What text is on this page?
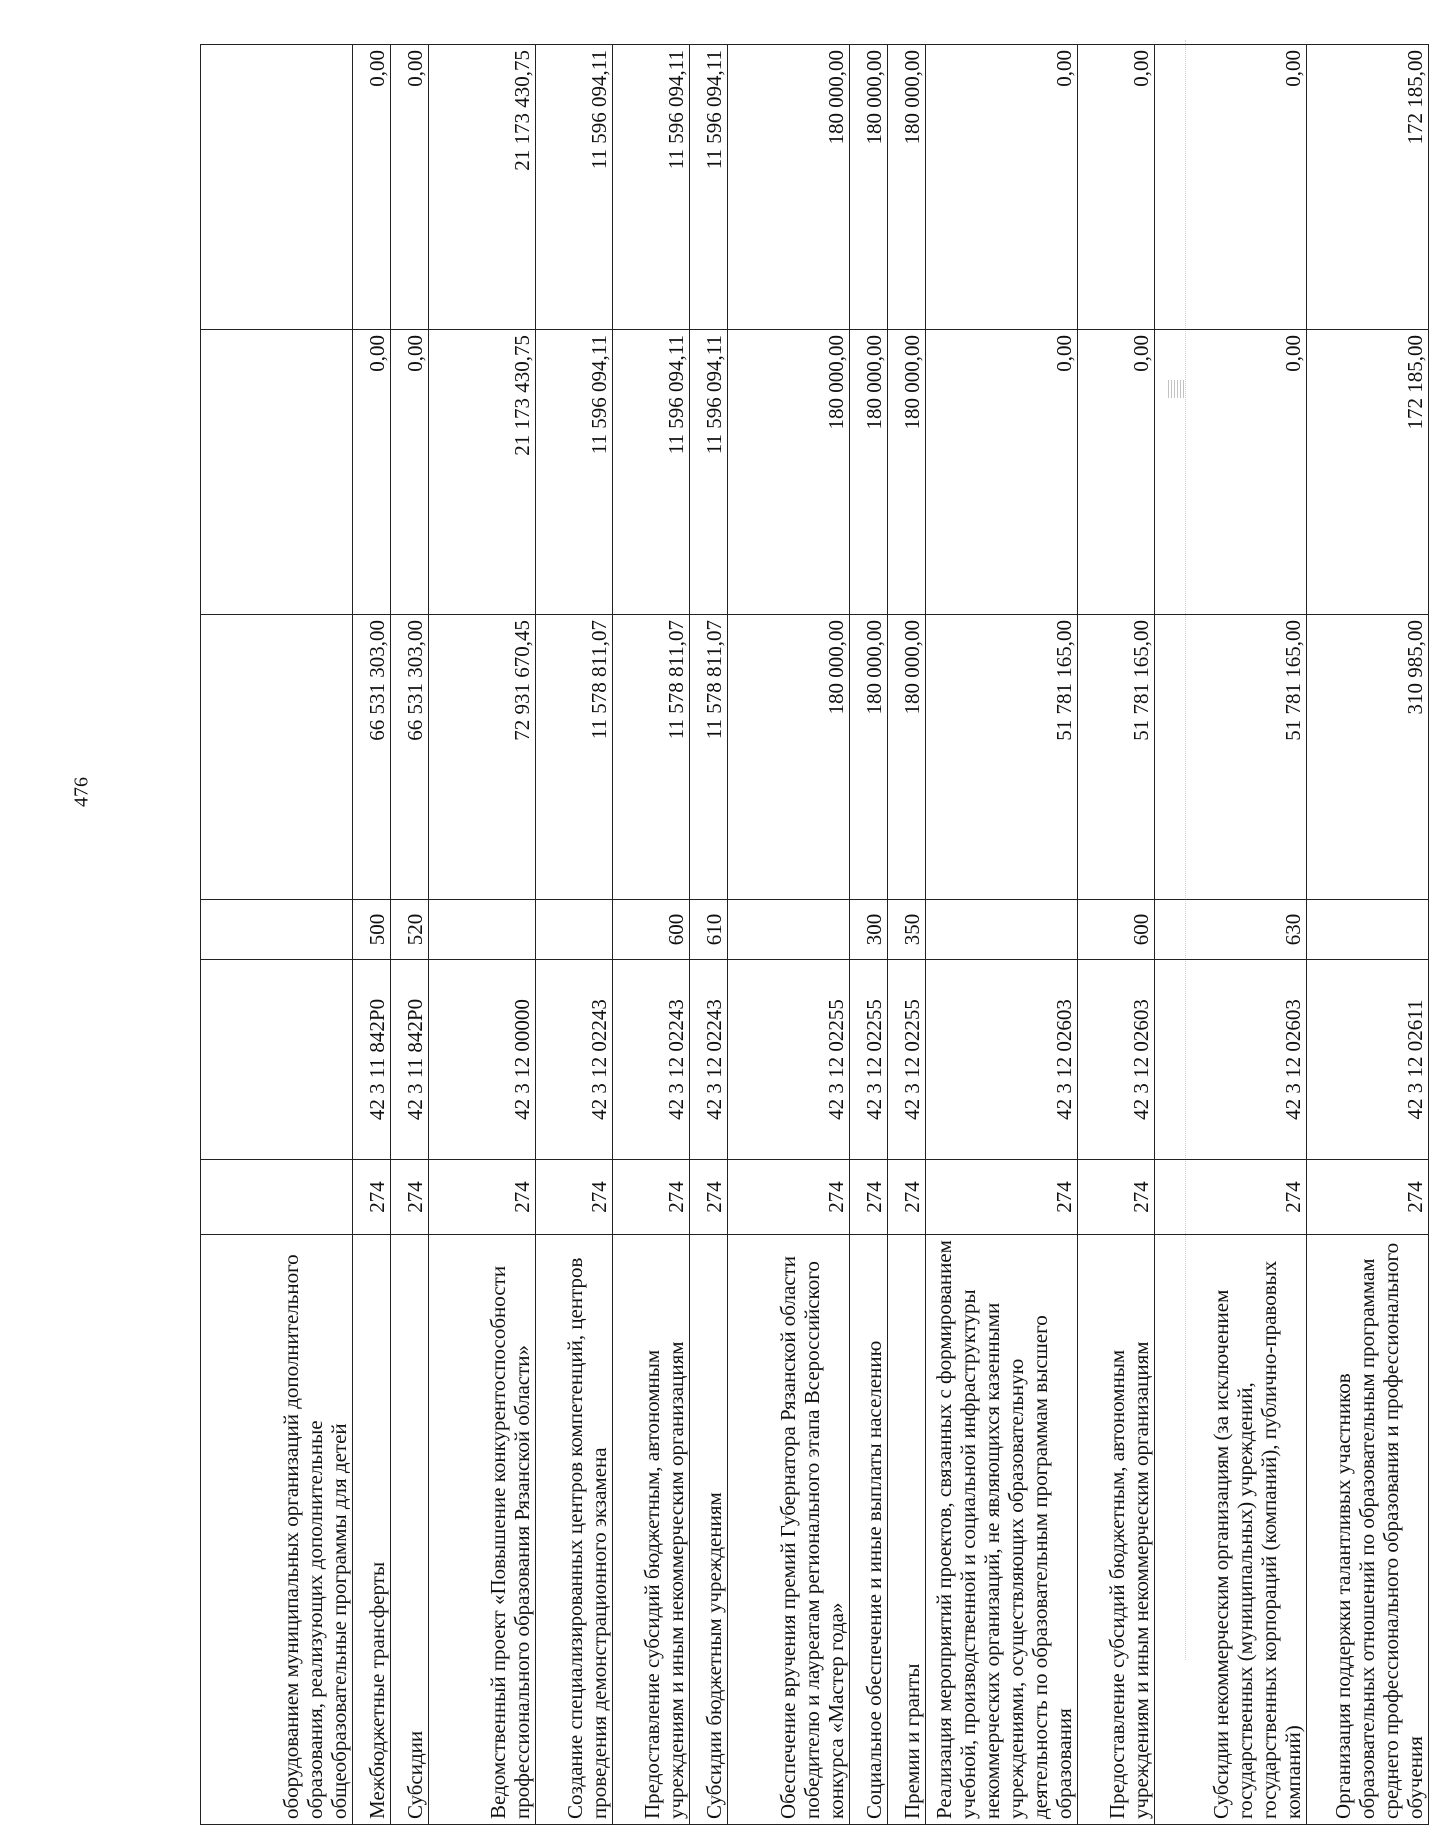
476
оборудованием муниципальных организаций дополнительного образования, реализующих дополнительные общеобразовательные программы для детей						
Межбюджетные трансферты	274	42 3 11 842P0	500	66 531 303,00	0,00	0,00
Субсидии	274	42 3 11 842P0	520	66 531 303,00	0,00	0,00
Ведомственный проект «Повышение конкурентоспособности профессионального образования Рязанской области»	274	42 3 12 00000		72 931 670,45	21 173 430,75	21 173 430,75
Создание специализированных центров компетенций, центров проведения демонстрационного экзамена	274	42 3 12 02243		11 578 811,07	11 596 094,11	11 596 094,11
Предоставление субсидий бюджетным, автономным учреждениям и иным некоммерческим организациям	274	42 3 12 02243	600	11 578 811,07	11 596 094,11	11 596 094,11
Субсидии бюджетным учреждениям	274	42 3 12 02243	610	11 578 811,07	11 596 094,11	11 596 094,11
Обеспечение вручения премий Губернатора Рязанской области победителю и лауреатам регионального этапа Всероссийского конкурса «Мастер года»	274	42 3 12 02255		180 000,00	180 000,00	180 000,00
Социальное обеспечение и иные выплаты населению	274	42 3 12 02255	300	180 000,00	180 000,00	180 000,00
Премии и гранты	274	42 3 12 02255	350	180 000,00	180 000,00	180 000,00
Реализация мероприятий проектов, связанных с формированием учебной, производственной и социальной инфраструктуры некоммерческих организаций, не являющихся казенными учреждениями, осуществляющих образовательную деятельность по образовательным программам высшего образования	274	42 3 12 02603		51 781 165,00	0,00	0,00
Предоставление субсидий бюджетным, автономным учреждениям и иным некоммерческим организациям	274	42 3 12 02603	600	51 781 165,00	0,00	0,00
Субсидии некоммерческим организациям (за исключением государственных (муниципальных) учреждений, государственных корпораций (компаний), публично-правовых компаний)	274	42 3 12 02603	630	51 781 165,00	0,00	0,00
Организация поддержки талантливых участников образовательных отношений по образовательным программам среднего профессионального образования и профессионального обучения	274	42 3 12 02611		310 985,00	172 185,00	172 185,00
